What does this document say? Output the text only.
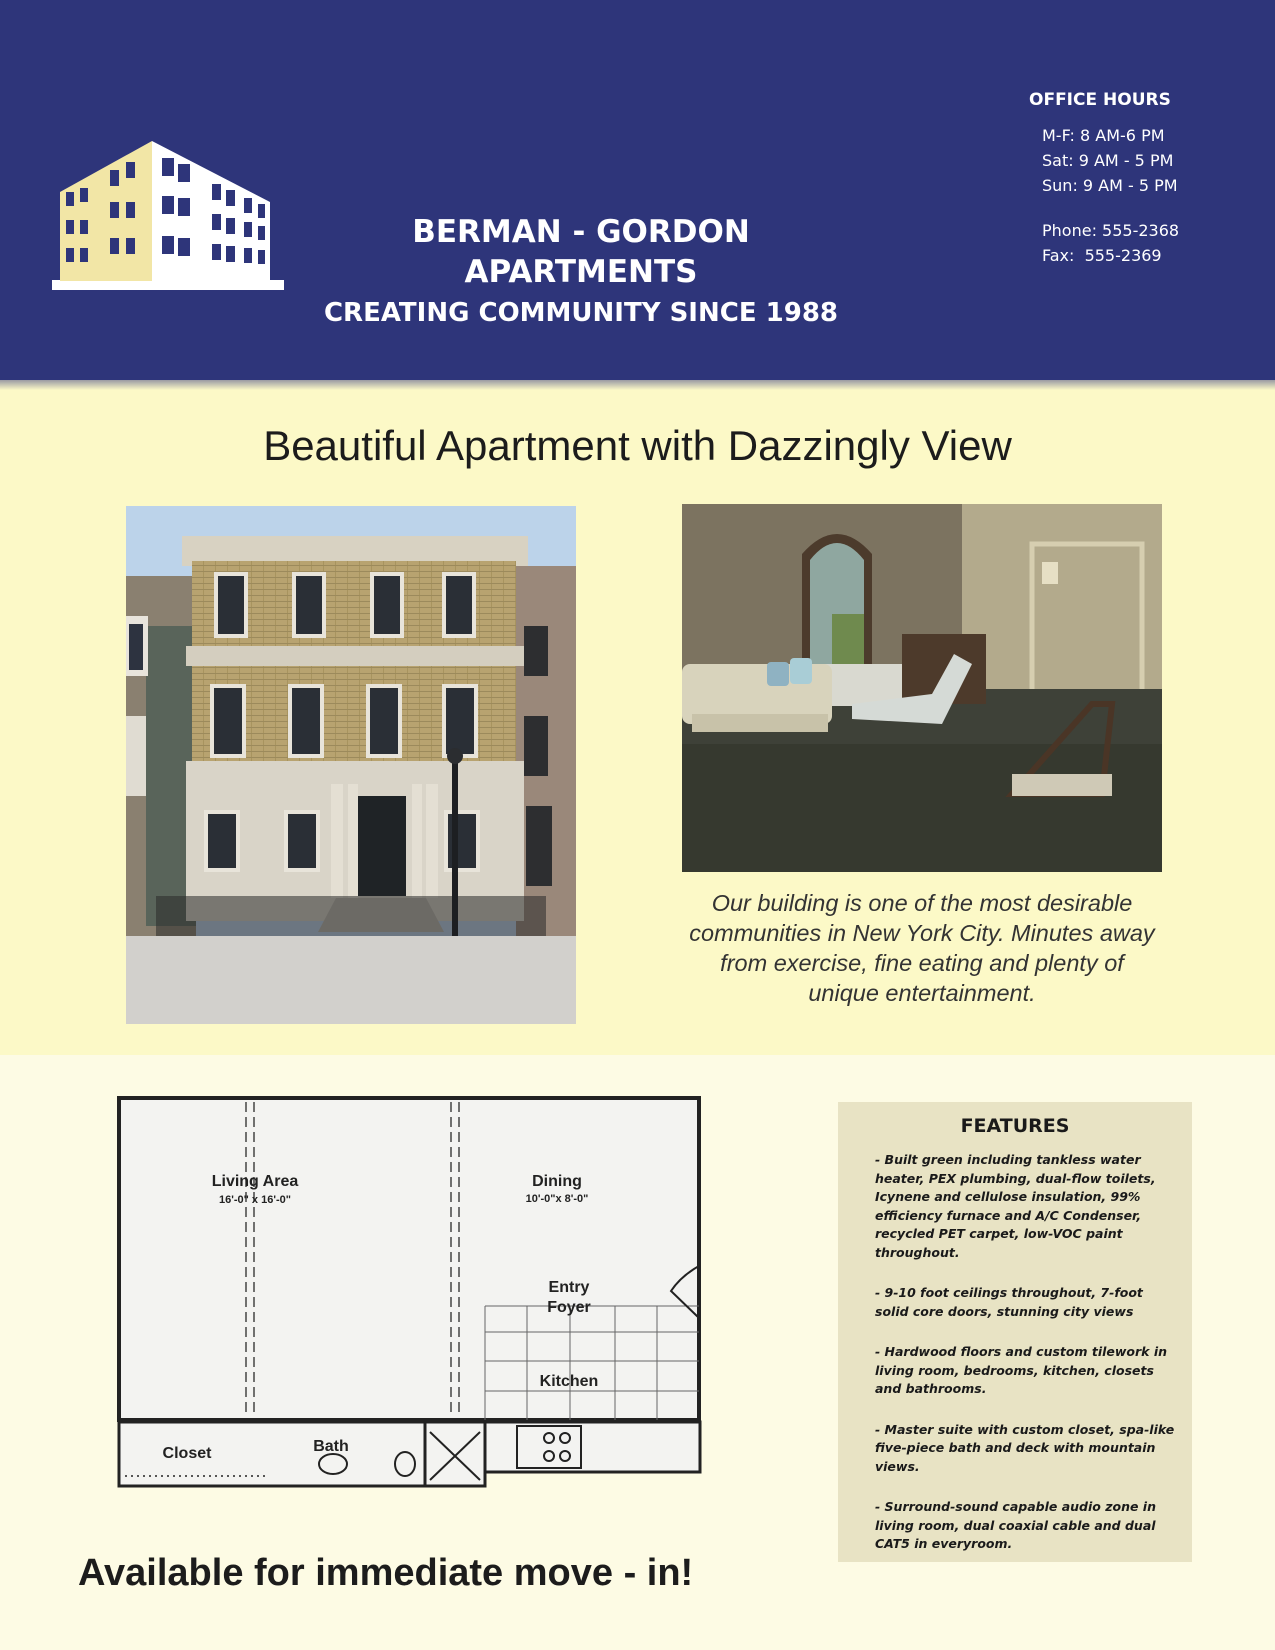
BERMAN - GORDON APARTMENTS
CREATING COMMUNITY SINCE 1988
OFFICE HOURS
M-F: 8 AM-6 PM
Sat: 9 AM - 5 PM
Sun: 9 AM - 5 PM
Phone: 555-2368
Fax:  555-2369
Beautiful Apartment with Dazzingly View
Our building is one of the most desirable communities in New York City. Minutes away from exercise, fine eating and plenty of unique entertainment.
Living Area
16'-0" x 16'-0"
Dining
10'-0"x 8'-0"
Entry
Foyer
Kitchen
Closet	Bath
Available for immediate move - in!
FEATURES
- Built green including tankless water heater, PEX plumbing, dual-flow toilets, Icynene and cellulose insulation, 99% efficiency furnace and A/C Condenser, recycled PET carpet, low-VOC paint throughout.
- 9-10 foot ceilings throughout, 7-foot solid core doors, stunning city views
- Hardwood floors and custom tilework in living room, bedrooms, kitchen, closets and bathrooms.
- Master suite with custom closet, spa-like five-piece bath and deck with mountain views.
- Surround-sound capable audio zone in living room, dual coaxial cable and dual CAT5 in everyroom.
